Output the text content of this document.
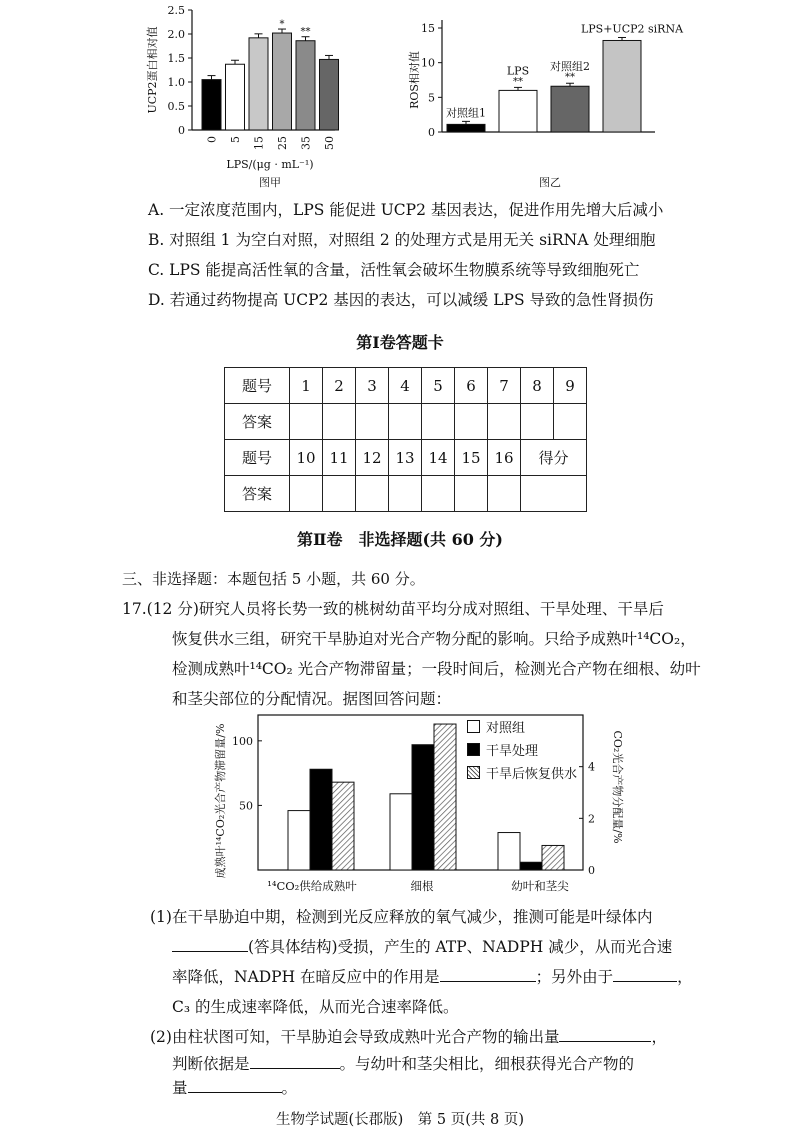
UCP2蛋白相对值
0
0.5
1.0
1.5
2.0
2.5
*
**
0 5 15 25 35 50
LPS/(μg · mL⁻¹)
图甲
ROS相对值
0
5
10
15
对照组1
**
LPS
**
对照组2
LPS+UCP2 siRNA
图乙
A. 一定浓度范围内，LPS 能促进 UCP2 基因表达，促进作用先增大后减小
B. 对照组 1 为空白对照，对照组 2 的处理方式是用无关 siRNA 处理细胞
C. LPS 能提高活性氧的含量，活性氧会破坏生物膜系统等导致细胞死亡
D. 若通过药物提高 UCP2 基因的表达，可以减缓 LPS 导致的急性肾损伤
第Ⅰ卷答题卡
题号	1	2	3	4	5	6	7	8	9
答案									
题号	10	11	12	13	14	15	16	得分	
答案									
第Ⅱ卷　非选择题(共 60 分)
三、非选择题：本题包括 5 小题，共 60 分。
17.(12 分)研究人员将长势一致的桃树幼苗平均分成对照组、干旱处理、干旱后
恢复供水三组，研究干旱胁迫对光合产物分配的影响。只给予成熟叶¹⁴CO₂，
检测成熟叶¹⁴CO₂ 光合产物滞留量；一段时间后，检测光合产物在细根、幼叶
和茎尖部位的分配情况。据图回答问题：
成熟叶¹⁴CO₂光合产物滞留量/%	CO₂光合产物分配量/%
50
100
0
2
4
¹⁴CO₂供给成熟叶	细根	幼叶和茎尖
对照组
干旱处理
干旱后恢复供水
(1)在干旱胁迫中期，检测到光反应释放的氧气减少，推测可能是叶绿体内
(答具体结构)受损，产生的 ATP、NADPH 减少，从而光合速
率降低，NADPH 在暗反应中的作用是	；另外由于	，
C₃ 的生成速率降低，从而光合速率降低。
(2)由柱状图可知，干旱胁迫会导致成熟叶光合产物的输出量	，
判断依据是	。与幼叶和茎尖相比，细根获得光合产物的
量	。
生物学试题(长郡版)　第 5 页(共 8 页)
